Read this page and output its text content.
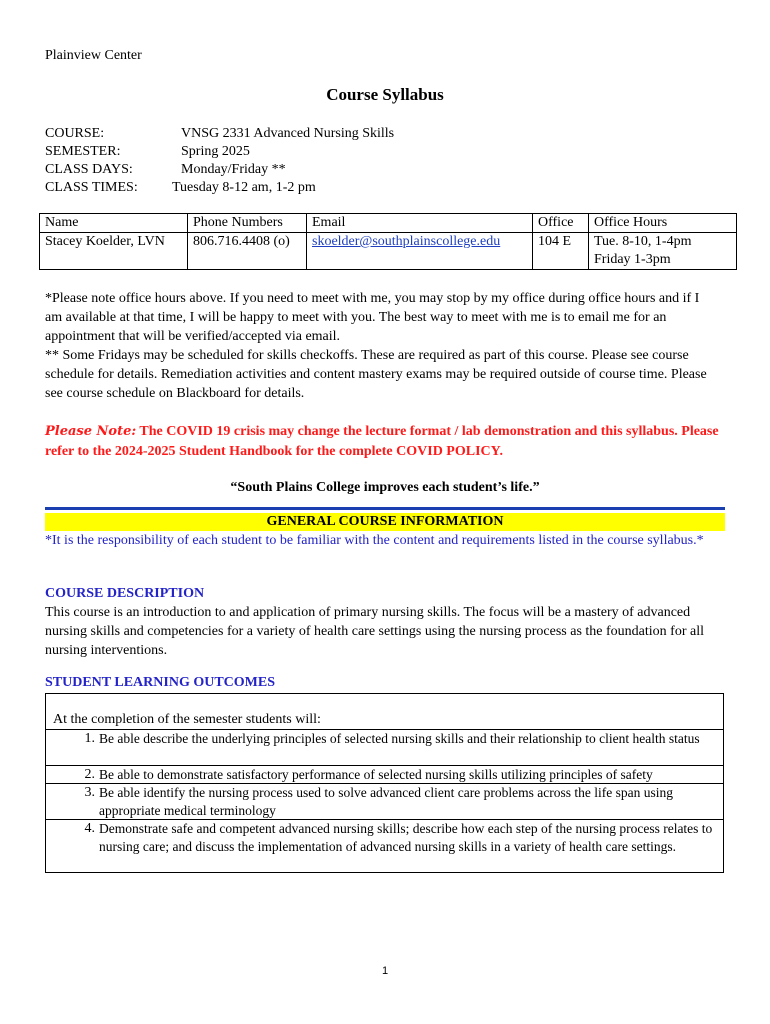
Plainview Center
Course Syllabus
COURSE:	VNSG 2331 Advanced Nursing Skills
SEMESTER:	Spring 2025
CLASS DAYS:	Monday/Friday **
CLASS TIMES: Tuesday 8-12 am, 1-2 pm
Name	Phone Numbers	Email	Office	Office Hours
Stacey Koelder, LVN	806.716.4408 (o)	skoelder@southplainscollege.edu	104 E	Tue. 8-10, 1-4pm
Friday 1-3pm
*Please note office hours above. If you need to meet with me, you may stop by my office during office hours and if I am available at that time, I will be happy to meet with you. The best way to meet with me is to email me for an appointment that will be verified/accepted via email.
** Some Fridays may be scheduled for skills checkoffs. These are required as part of this course. Please see course schedule for details. Remediation activities and content mastery exams may be required outside of course time. Please see course schedule on Blackboard for details.
Please Note: The COVID 19 crisis may change the lecture format / lab demonstration and this syllabus. Please refer to the 2024-2025 Student Handbook for the complete COVID POLICY.
“South Plains College improves each student’s life.”
GENERAL COURSE INFORMATION
*It is the responsibility of each student to be familiar with the content and requirements listed in the course syllabus.*
COURSE DESCRIPTION
This course is an introduction to and application of primary nursing skills. The focus will be a mastery of advanced nursing skills and competencies for a variety of health care settings using the nursing process as the foundation for all nursing interventions.
STUDENT LEARNING OUTCOMES
At the completion of the semester students will:
1. Be able describe the underlying principles of selected nursing skills and their relationship to client health status
2. Be able to demonstrate satisfactory performance of selected nursing skills utilizing principles of safety
3. Be able identify the nursing process used to solve advanced client care problems across the life span using appropriate medical terminology
4. Demonstrate safe and competent advanced nursing skills; describe how each step of the nursing process relates to nursing care; and discuss the implementation of advanced nursing skills in a variety of health care settings.
1
